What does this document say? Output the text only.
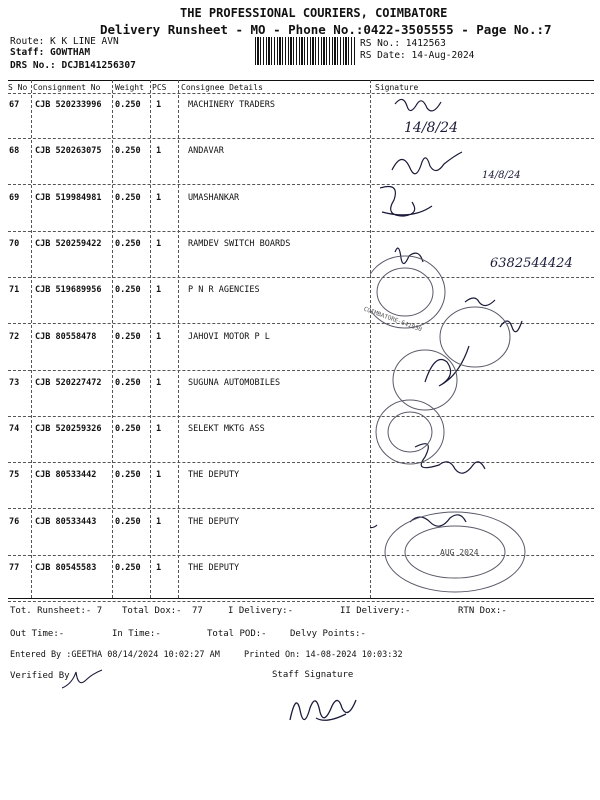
THE PROFESSIONAL COURIERS, COIMBATORE
Delivery Runsheet - MO - Phone No.:0422-3505555 - Page No.:7
Route: K K LINE AVN
Staff: GOWTHAM
DRS No.: DCJB141256307
RS No.: 1412563
RS Date: 14-Aug-2024
S No Consignment No Weight PCS Consignee Details	Signature
67 CJB 520233996 0.250 1	MACHINERY TRADERS
68 CJB 520263075 0.250 1	ANDAVAR
69 CJB 519984981 0.250 1	UMASHANKAR
70 CJB 520259422 0.250 1	RAMDEV SWITCH BOARDS
71 CJB 519689956 0.250 1	P N R AGENCIES
72 CJB 80558478 0.250 1	JAHOVI MOTOR P L
73 CJB 520227472 0.250 1	SUGUNA AUTOMOBILES
74 CJB 520259326 0.250 1	SELEKT MKTG ASS
75 CJB 80533442 0.250 1	THE DEPUTY
76 CJB 80533443 0.250 1	THE DEPUTY
77 CJB 80545583 0.250 1	THE DEPUTY
14/8/24
14/8/24
6382544424
AUG 2024
COIMBATORE-641030
Tot. Runsheet:- 7 Total Dox:- 77	I Delivery:-	II Delivery:-	RTN Dox:-
Out Time:-	In Time:-	Total POD:-	Delvy Points:-
Entered By :GEETHA 08/14/2024 10:02:27 AM	Printed On: 14-08-2024 10:03:32
Verified By	Staff Signature
